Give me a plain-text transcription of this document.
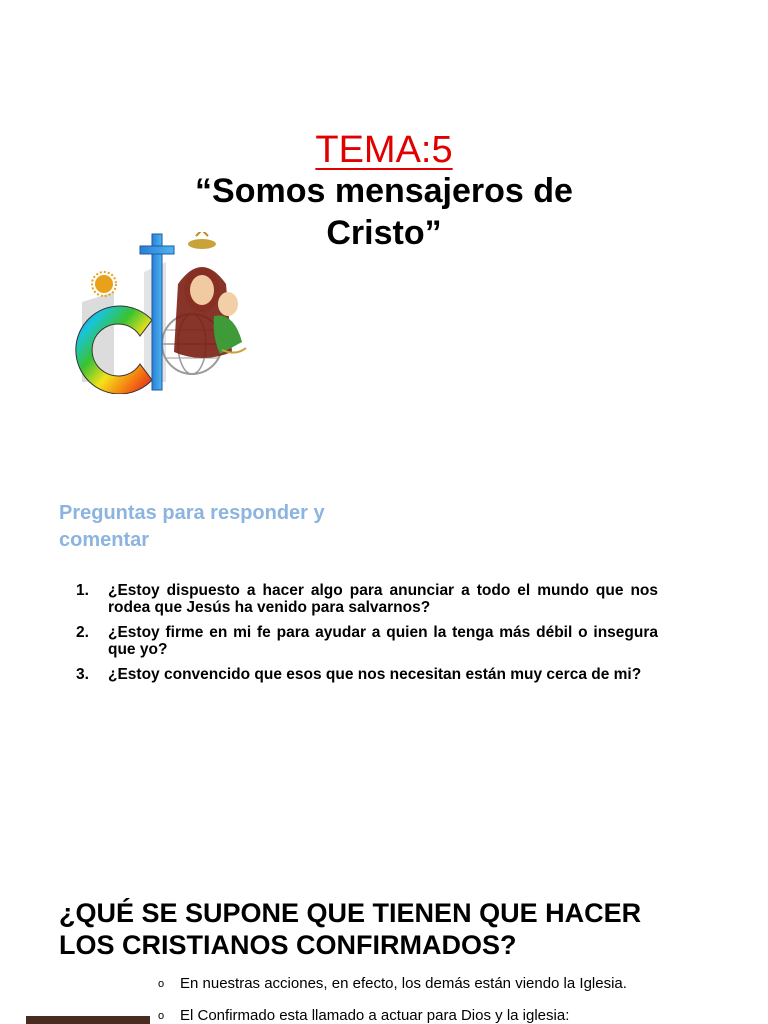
TEMA:5
“Somos mensajeros de
Cristo”
Preguntas para responder y
comentar
1. ¿Estoy dispuesto a hacer algo para anunciar a todo el mundo que nos rodea que Jesús ha venido para salvarnos?
2. ¿Estoy firme en mi fe para ayudar a quien la tenga más débil o insegura que yo?
3. ¿Estoy convencido que esos que nos necesitan están muy cerca de mi?
¿QUÉ SE SUPONE QUE TIENEN QUE HACER
LOS CRISTIANOS CONFIRMADOS?
o En nuestras acciones, en efecto, los demás están viendo la Iglesia.
o El Confirmado esta llamado a actuar para Dios y la iglesia:
